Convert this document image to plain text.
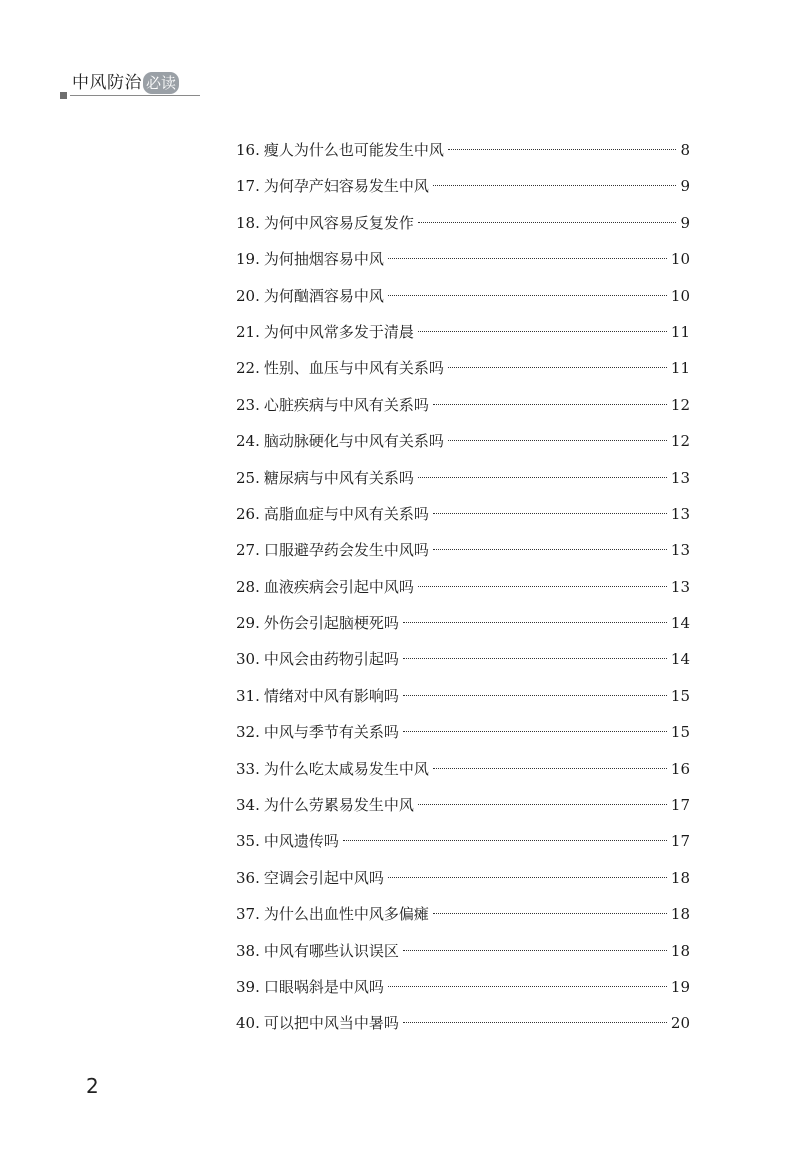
中风防治 必读
16. 瘦人为什么也可能发生中风	8
17. 为何孕产妇容易发生中风	9
18. 为何中风容易反复发作	9
19. 为何抽烟容易中风	10
20. 为何酗酒容易中风	10
21. 为何中风常多发于清晨	11
22. 性别、血压与中风有关系吗	11
23. 心脏疾病与中风有关系吗	12
24. 脑动脉硬化与中风有关系吗	12
25. 糖尿病与中风有关系吗	13
26. 高脂血症与中风有关系吗	13
27. 口服避孕药会发生中风吗	13
28. 血液疾病会引起中风吗	13
29. 外伤会引起脑梗死吗	14
30. 中风会由药物引起吗	14
31. 情绪对中风有影响吗	15
32. 中风与季节有关系吗	15
33. 为什么吃太咸易发生中风	16
34. 为什么劳累易发生中风	17
35. 中风遗传吗	17
36. 空调会引起中风吗	18
37. 为什么出血性中风多偏瘫	18
38. 中风有哪些认识误区	18
39. 口眼㖞斜是中风吗	19
40. 可以把中风当中暑吗	20
2
